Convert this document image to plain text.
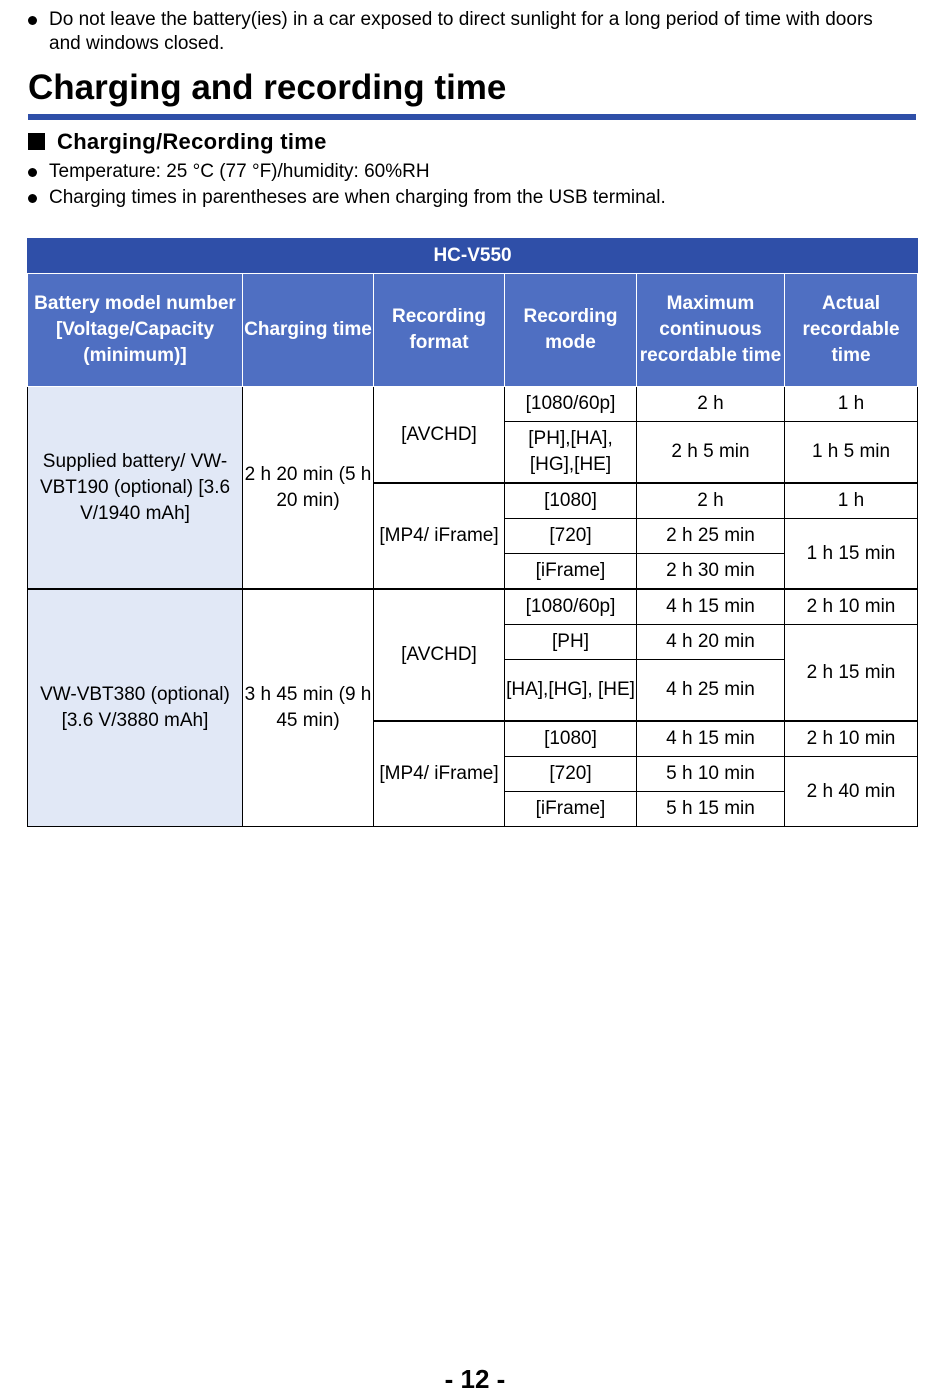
Do not leave the battery(ies) in a car exposed to direct sunlight for a long period of time with doors and windows closed.
Charging and recording time
Charging/Recording time
Temperature: 25 °C (77 °F)/humidity: 60%RH
Charging times in parentheses are when charging from the USB terminal.
HC-V550					
Battery model number [Voltage/Capacity (minimum)]	Charging time	Recording format	Recording mode	Maximum continuous recordable time	Actual recordable time
Supplied battery/ VW-VBT190 (optional) [3.6 V/1940 mAh]	2 h 20 min (5 h 20 min)	[AVCHD]	[1080/60p]	2 h	1 h
			[PH],[HA], [HG],[HE]	2 h 5 min	1 h 5 min
		[MP4/ iFrame]	[1080]	2 h	1 h
			[720]	2 h 25 min	1 h 15 min
			[iFrame]	2 h 30 min	
VW-VBT380 (optional) [3.6 V/3880 mAh]	3 h 45 min (9 h 45 min)	[AVCHD]	[1080/60p]	4 h 15 min	2 h 10 min
			[PH]	4 h 20 min	2 h 15 min
			[HA],[HG], [HE]	4 h 25 min	
		[MP4/ iFrame]	[1080]	4 h 15 min	2 h 10 min
			[720]	5 h 10 min	2 h 40 min
			[iFrame]	5 h 15 min	
- 12 -
